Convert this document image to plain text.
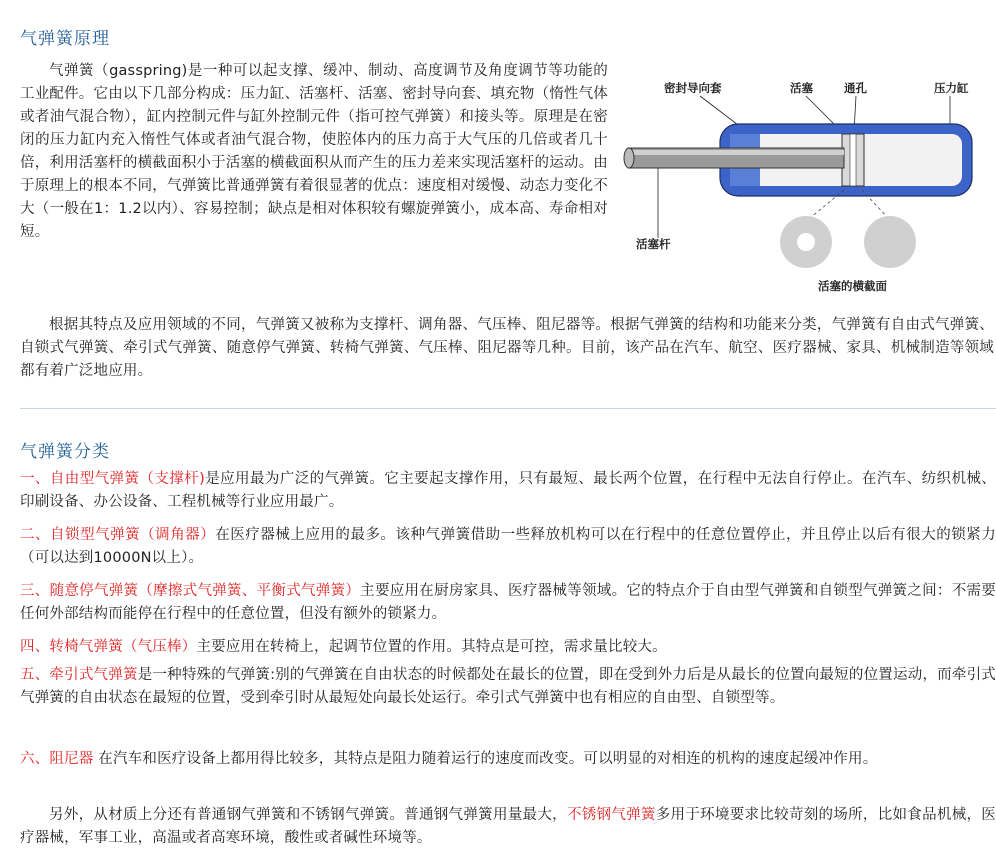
气弹簧原理

气弹簧（gasspring)是一种可以起支撑、缓冲、制动、高度调节及角度调节等功能的工业配件。它由以下几部分构成：压力缸、活塞杆、活塞、密封导向套、填充物（惰性气体或者油气混合物），缸内控制元件与缸外控制元件（指可控气弹簧）和接头等。原理是在密闭的压力缸内充入惰性气体或者油气混合物，使腔体内的压力高于大气压的几倍或者几十倍，利用活塞杆的横截面积小于活塞的横截面积从而产生的压力差来实现活塞杆的运动。由于原理上的根本不同，气弹簧比普通弹簧有着很显著的优点：速度相对缓慢、动态力变化不大（一般在1：1.2以内）、容易控制；缺点是相对体积较有螺旋弹簧小，成本高、寿命相对短。

密封导向套	活塞	通孔	压力缸
活塞杆
活塞的横截面

根据其特点及应用领域的不同，气弹簧又被称为支撑杆、调角器、气压棒、阻尼器等。根据气弹簧的结构和功能来分类，气弹簧有自由式气弹簧、自锁式气弹簧、牵引式气弹簧、随意停气弹簧、转椅气弹簧、气压棒、阻尼器等几种。目前，该产品在汽车、航空、医疗器械、家具、机械制造等领域都有着广泛地应用。

气弹簧分类

一、自由型气弹簧（支撑杆)是应用最为广泛的气弹簧。它主要起支撑作用，只有最短、最长两个位置，在行程中无法自行停止。在汽车、纺织机械、印刷设备、办公设备、工程机械等行业应用最广。

二、自锁型气弹簧（调角器）在医疗器械上应用的最多。该种气弹簧借助一些释放机构可以在行程中的任意位置停止，并且停止以后有很大的锁紧力（可以达到10000N以上）。

三、随意停气弹簧（摩擦式气弹簧、平衡式气弹簧）主要应用在厨房家具、医疗器械等领域。它的特点介于自由型气弹簧和自锁型气弹簧之间：不需要任何外部结构而能停在行程中的任意位置，但没有额外的锁紧力。

四、转椅气弹簧（气压棒）主要应用在转椅上，起调节位置的作用。其特点是可控，需求量比较大。

五、牵引式气弹簧是一种特殊的气弹簧:别的气弹簧在自由状态的时候都处在最长的位置，即在受到外力后是从最长的位置向最短的位置运动，而牵引式气弹簧的自由状态在最短的位置，受到牵引时从最短处向最长处运行。牵引式气弹簧中也有相应的自由型、自锁型等。

六、阻尼器 在汽车和医疗设备上都用得比较多，其特点是阻力随着运行的速度而改变。可以明显的对相连的机构的速度起缓冲作用。

另外，从材质上分还有普通钢气弹簧和不锈钢气弹簧。普通钢气弹簧用量最大，不锈钢气弹簧多用于环境要求比较苛刻的场所，比如食品机械，医疗器械，军事工业，高温或者高寒环境，酸性或者碱性环境等。
